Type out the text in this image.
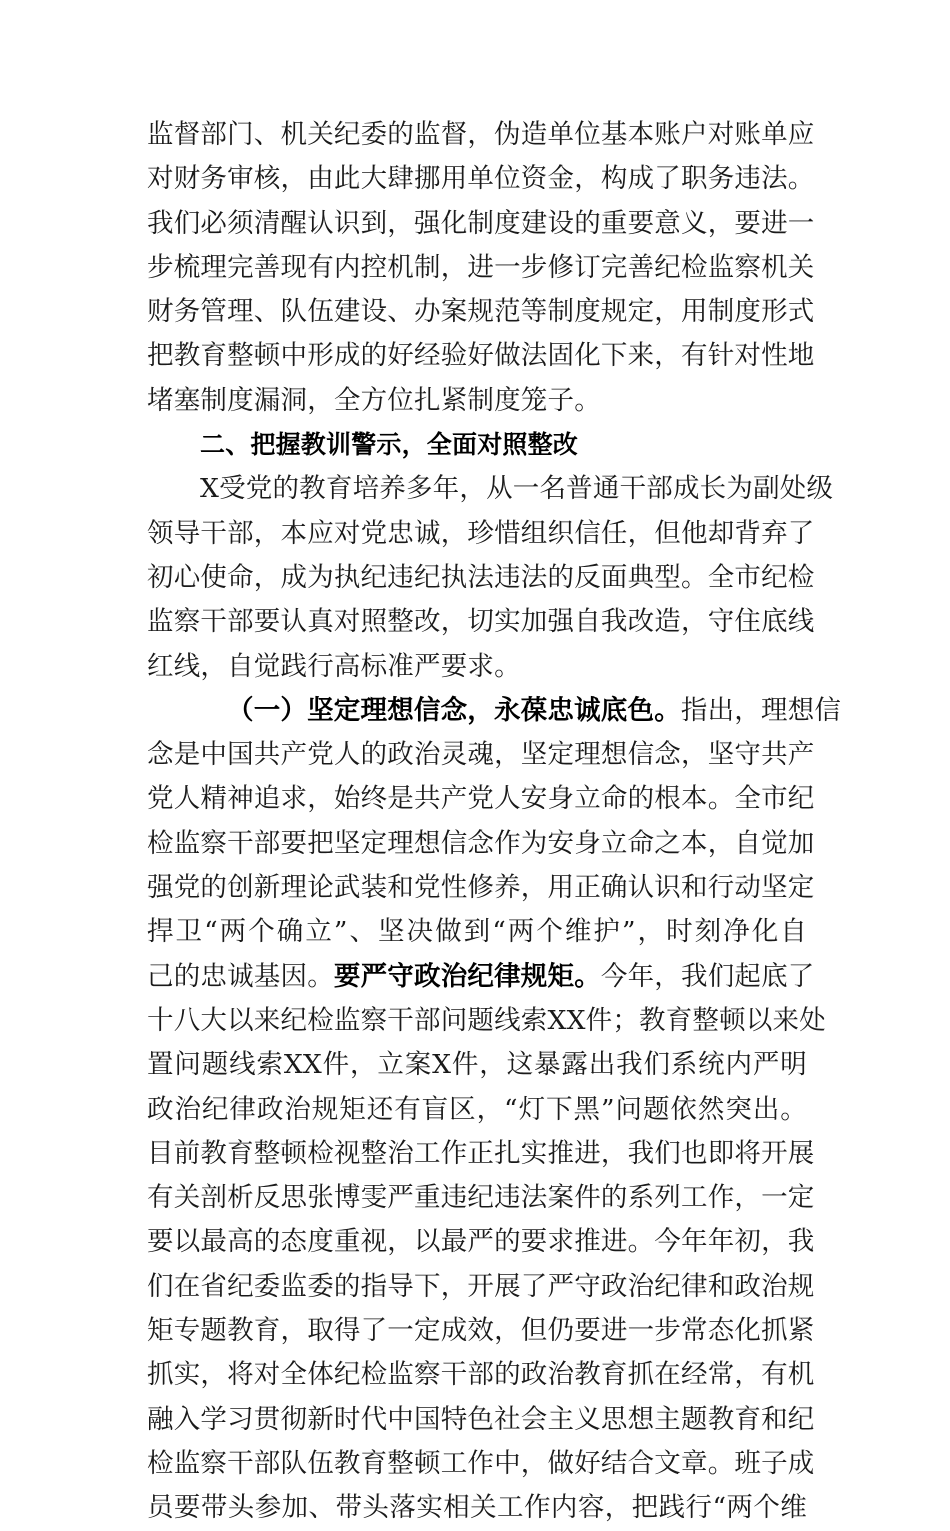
监督部门、机关纪委的监督，伪造单位基本账户对账单应
对财务审核，由此大肆挪用单位资金，构成了职务违法。
我们必须清醒认识到，强化制度建设的重要意义，要进一
步梳理完善现有内控机制，进一步修订完善纪检监察机关
财务管理、队伍建设、办案规范等制度规定，用制度形式
把教育整顿中形成的好经验好做法固化下来，有针对性地
堵塞制度漏洞，全方位扎紧制度笼子。
二、把握教训警示，全面对照整改
X受党的教育培养多年，从一名普通干部成长为副处级
领导干部，本应对党忠诚，珍惜组织信任，但他却背弃了
初心使命，成为执纪违纪执法违法的反面典型。全市纪检
监察干部要认真对照整改，切实加强自我改造，守住底线
红线，自觉践行高标准严要求。
（一）坚定理想信念，永葆忠诚底色。指出，理想信
念是中国共产党人的政治灵魂，坚定理想信念，坚守共产
党人精神追求，始终是共产党人安身立命的根本。全市纪
检监察干部要把坚定理想信念作为安身立命之本，自觉加
强党的创新理论武装和党性修养，用正确认识和行动坚定
捍卫“两个确立”、坚决做到“两个维护”，时刻净化自
己的忠诚基因。要严守政治纪律规矩。今年，我们起底了
十八大以来纪检监察干部问题线索XX件；教育整顿以来处
置问题线索XX件，立案X件，这暴露出我们系统内严明
政治纪律政治规矩还有盲区，“灯下黑”问题依然突出。
目前教育整顿检视整治工作正扎实推进，我们也即将开展
有关剖析反思张博雯严重违纪违法案件的系列工作，一定
要以最高的态度重视，以最严的要求推进。今年年初，我
们在省纪委监委的指导下，开展了严守政治纪律和政治规
矩专题教育，取得了一定成效，但仍要进一步常态化抓紧
抓实，将对全体纪检监察干部的政治教育抓在经常，有机
融入学习贯彻新时代中国特色社会主义思想主题教育和纪
检监察干部队伍教育整顿工作中，做好结合文章。班子成
员要带头参加、带头落实相关工作内容，把践行“两个维
